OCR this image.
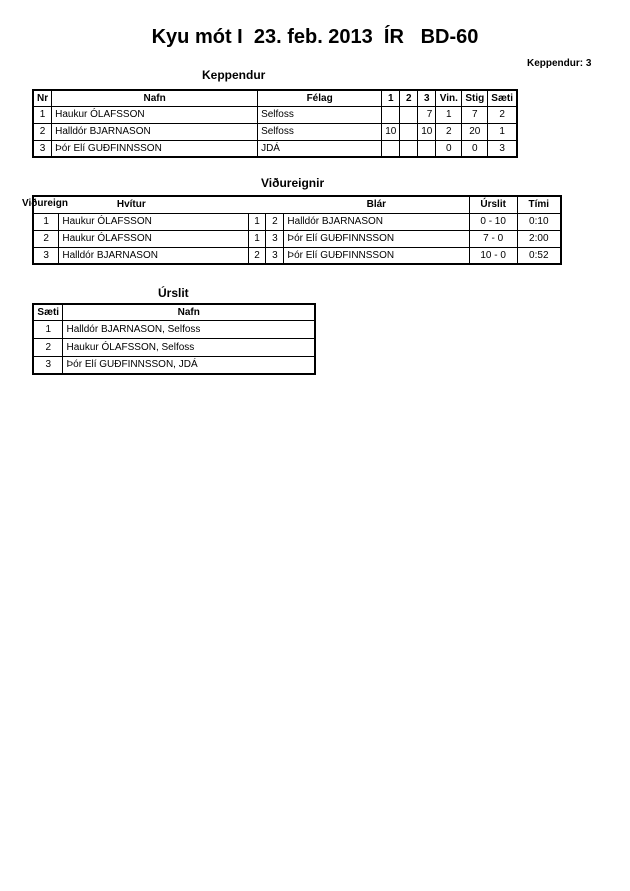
Kyu mót I  23. feb. 2013  ÍR   BD-60
Keppendur: 3
Keppendur
Nr	Nafn	Félag	1	2	3	Vin.	Stig	Sæti
1	Haukur ÓLAFSSON	Selfoss			7	1	7	2
2	Halldór BJARNASON	Selfoss	10		10	2	20	1
3	Þór Elí GUÐFINNSSON	JDÁ				0	0	3
Viðureignir
Viðureign	Hvítur			Blár	Úrslit	Tími
1	Haukur ÓLAFSSON	1	2	Halldór BJARNASON	0 - 10	0:10
2	Haukur ÓLAFSSON	1	3	Þór Elí GUÐFINNSSON	7 - 0	2:00
3	Halldór BJARNASON	2	3	Þór Elí GUÐFINNSSON	10 - 0	0:52
Úrslit
Sæti	Nafn
1	Halldór BJARNASON, Selfoss
2	Haukur ÓLAFSSON, Selfoss
3	Þór Elí GUÐFINNSSON, JDÁ
